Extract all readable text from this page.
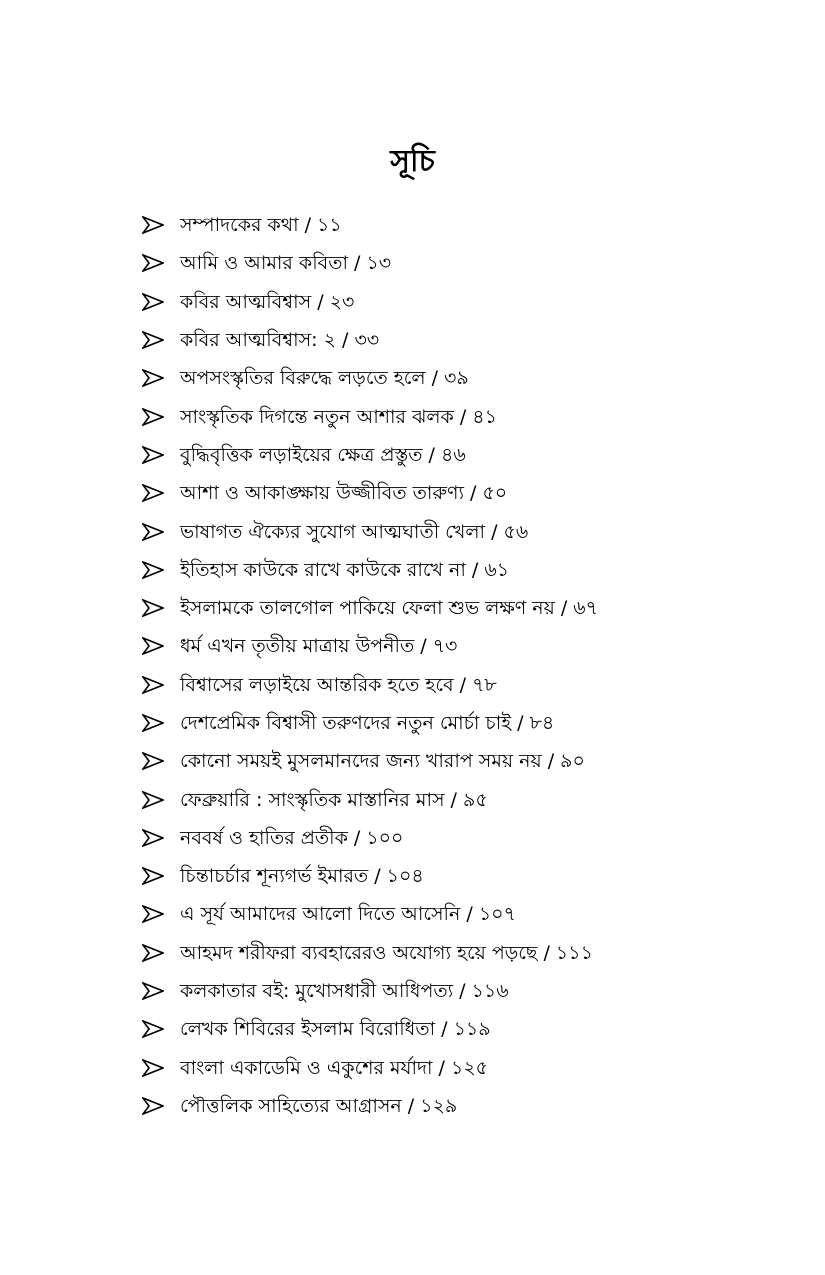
সূচি
সম্পাদকের কথা / ১১
আমি ও আমার কবিতা / ১৩
কবির আত্মবিশ্বাস / ২৩
কবির আত্মবিশ্বাস: ২ / ৩৩
অপসংস্কৃতির বিরুদ্ধে লড়তে হলে / ৩৯
সাংস্কৃতিক দিগন্তে নতুন আশার ঝলক / ৪১
বুদ্ধিবৃত্তিক লড়াইয়ের ক্ষেত্র প্রস্তুত / ৪৬
আশা ও আকাঙ্ক্ষায় উজ্জীবিত তারুণ্য / ৫০
ভাষাগত ঐক্যের সুযোগ আত্মঘাতী খেলা / ৫৬
ইতিহাস কাউকে রাখে কাউকে রাখে না / ৬১
ইসলামকে তালগোল পাকিয়ে ফেলা শুভ লক্ষণ নয় / ৬৭
ধর্ম এখন তৃতীয় মাত্রায় উপনীত / ৭৩
বিশ্বাসের লড়াইয়ে আন্তরিক হতে হবে / ৭৮
দেশপ্রেমিক বিশ্বাসী তরুণদের নতুন মোর্চা চাই / ৮৪
কোনো সময়ই মুসলমানদের জন্য খারাপ সময় নয় / ৯০
ফেব্রুয়ারি : সাংস্কৃতিক মাস্তানির মাস / ৯৫
নববর্ষ ও হাতির প্রতীক / ১০০
চিন্তাচর্চার শূন্যগর্ভ ইমারত / ১০৪
এ সূর্য আমাদের আলো দিতে আসেনি / ১০৭
আহমদ শরীফরা ব্যবহারেরও অযোগ্য হয়ে পড়ছে / ১১১
কলকাতার বই: মুখোসধারী আধিপত্য / ১১৬
লেখক শিবিরের ইসলাম বিরোধিতা / ১১৯
বাংলা একাডেমি ও একুশের মর্যাদা / ১২৫
পৌত্তলিক সাহিত্যের আগ্রাসন / ১২৯
